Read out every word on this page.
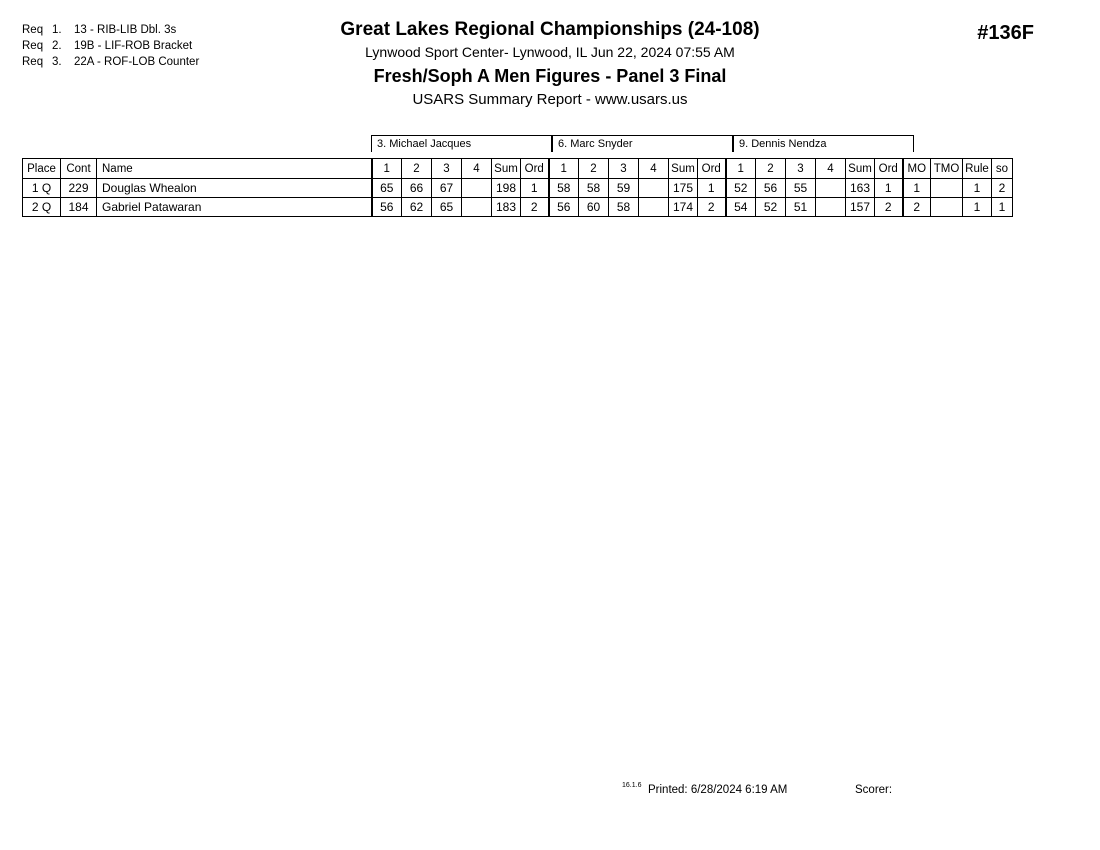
Req 1.	13 - RIB-LIB Dbl. 3s
Req 2.	19B - LIF-ROB Bracket
Req 3.	22A - ROF-LOB Counter
Great Lakes Regional Championships (24-108)
Lynwood Sport Center- Lynwood, IL Jun 22, 2024 07:55 AM
Fresh/Soph A Men Figures - Panel 3 Final
USARS Summary Report - www.usars.us
#136F
3. Michael Jacques	6. Marc Snyder	9. Dennis Nendza
Place	Cont	Name	1	2	3	4	Sum	Ord	1	2	3	4	Sum	Ord	1	2	3	4	Sum	Ord	MO	TMO	Rule	so
1 Q	229	Douglas Whealon	65	66	67		198	1	58	58	59		175	1	52	56	55		163	1	1		1	2
2 Q	184	Gabriel Patawaran	56	62	65		183	2	56	60	58		174	2	54	52	51		157	2	2		1	1
16.1.6 Printed: 6/28/2024 6:19 AM	Scorer:
